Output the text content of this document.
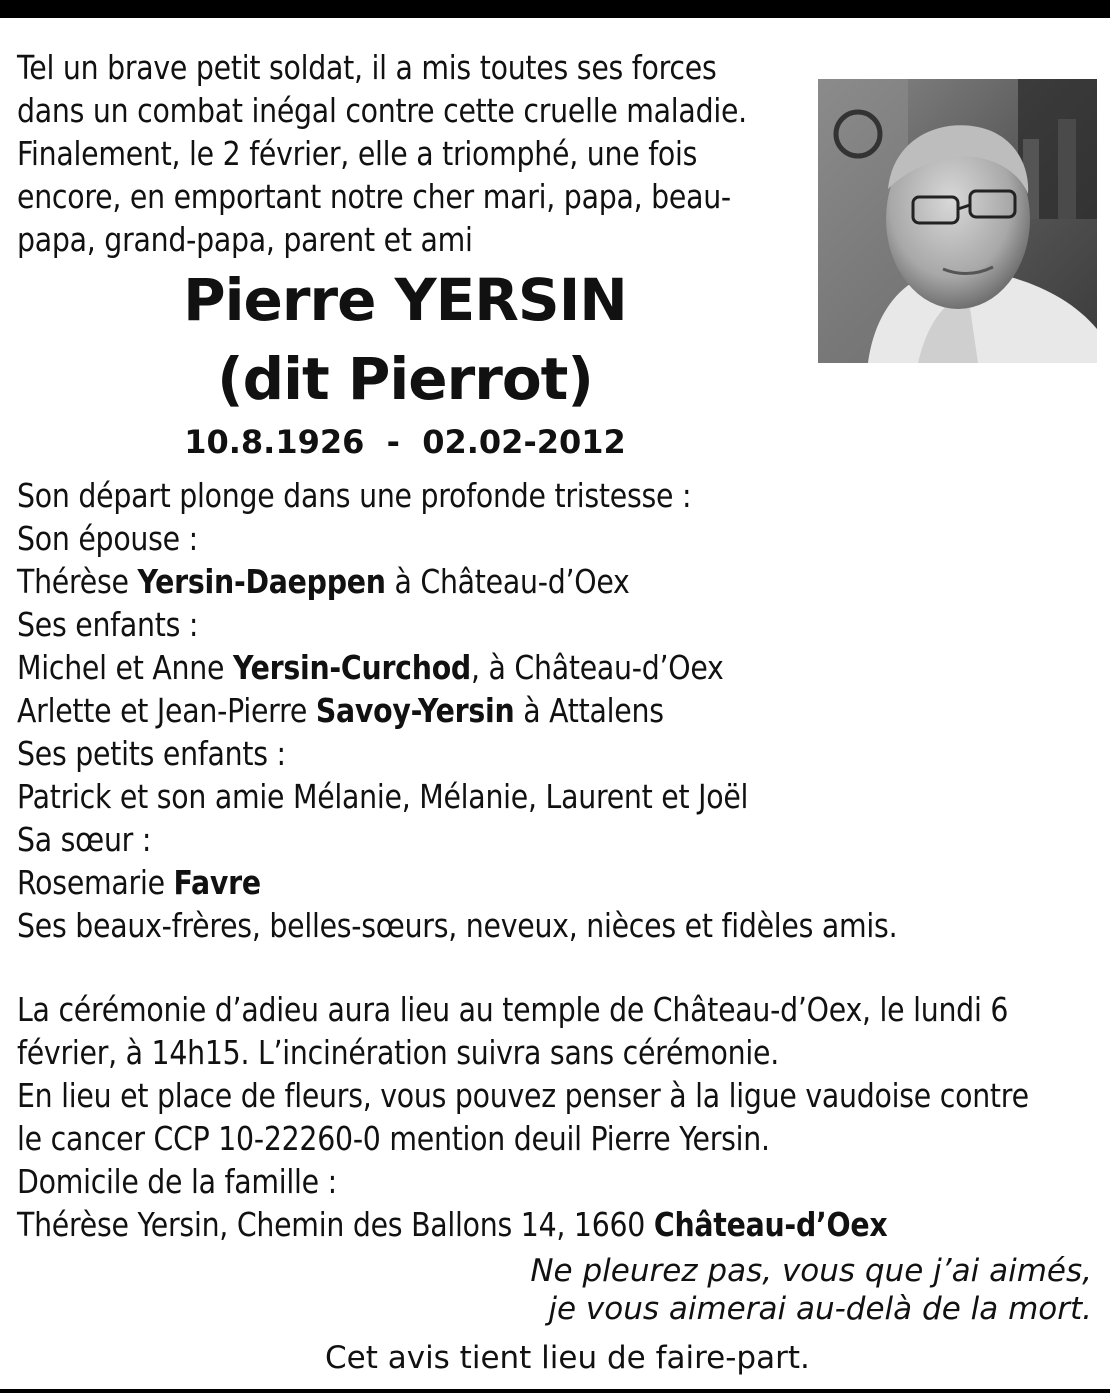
Tel un brave petit soldat, il a mis toutes ses forces
dans un combat inégal contre cette cruelle maladie.
Finalement, le 2 février, elle a triomphé, une fois
encore, en emportant notre cher mari, papa, beau-
papa, grand-papa, parent et ami
Pierre YERSIN
(dit Pierrot)
10.8.1926  -  02.02-2012
Son départ plonge dans une profonde tristesse :
Son épouse :
Thérèse Yersin-Daeppen à Château-d’Oex
Ses enfants :
Michel et Anne Yersin-Curchod, à Château-d’Oex
Arlette et Jean-Pierre Savoy-Yersin à Attalens
Ses petits enfants :
Patrick et son amie Mélanie, Mélanie, Laurent et Joël
Sa sœur :
Rosemarie Favre
Ses beaux-frères, belles-sœurs, neveux, nièces et fidèles amis.
La cérémonie d’adieu aura lieu au temple de Château-d’Oex, le lundi 6
février, à 14h15. L’incinération suivra sans cérémonie.
En lieu et place de fleurs, vous pouvez penser à la ligue vaudoise contre
le cancer CCP 10-22260-0 mention deuil Pierre Yersin.
Domicile de la famille :
Thérèse Yersin, Chemin des Ballons 14, 1660 Château-d’Oex
Ne pleurez pas, vous que j’ai aimés,
je vous aimerai au-delà de la mort.
Cet avis tient lieu de faire-part.
